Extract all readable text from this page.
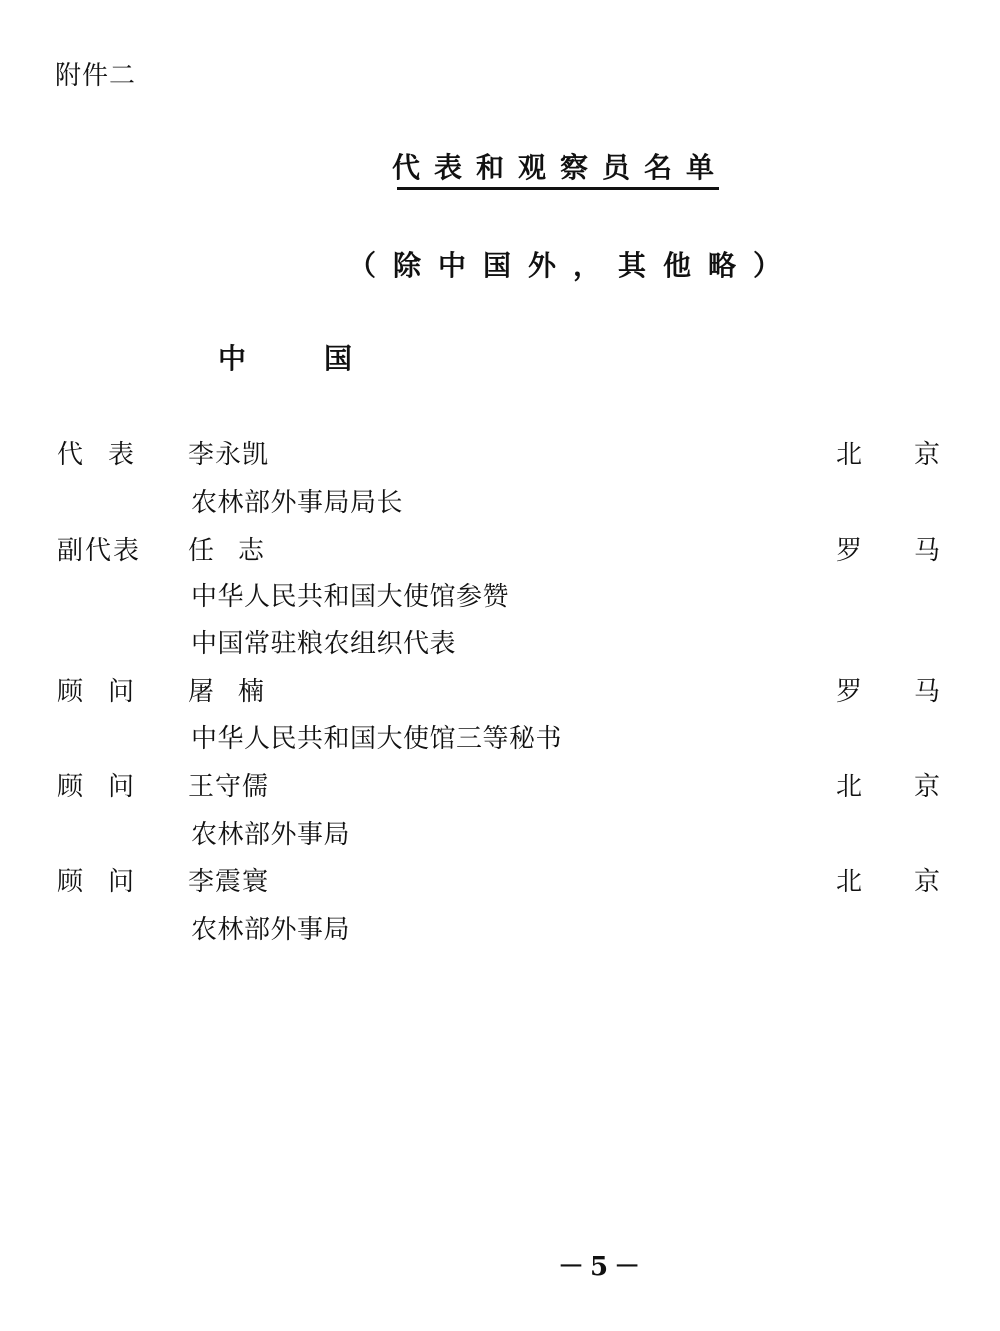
附件二
代表和观察员名单
（除中国外，其他略）
中国
代表 李永凯	北京
农林部外事局局长
副代表 任志	罗马
中华人民共和国大使馆参赞
中国常驻粮农组织代表
顾问 屠楠	罗马
中华人民共和国大使馆三等秘书
顾问 王守儒	北京
农林部外事局
顾问 李震寰	北京
农林部外事局
－5－
